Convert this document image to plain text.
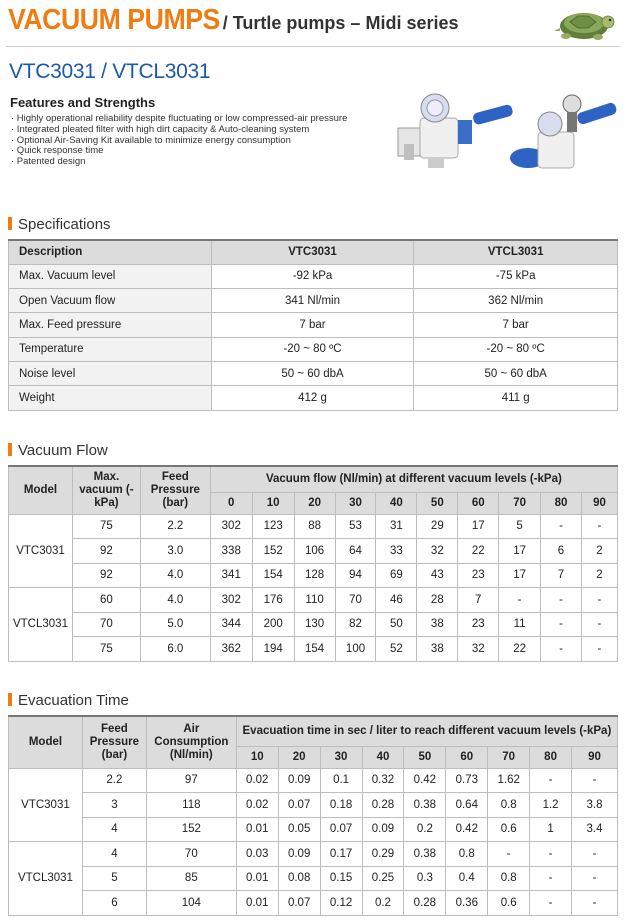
VACUUM PUMPS / Turtle pumps – Midi series
VTC3031 / VTCL3031
Features and Strengths
· Highly operational reliability despite fluctuating or low compressed-air pressure
· Integrated pleated filter with high dirt capacity & Auto-cleaning system
· Optional Air-Saving Kit available to minimize energy consumption
· Quick response time
· Patented design
Specifications
Description	VTC3031	VTCL3031
Max. Vacuum level	-92 kPa	-75 kPa
Open Vacuum flow	341 Nl/min	362 Nl/min
Max. Feed pressure	7 bar	7 bar
Temperature	-20 ~ 80 ºC	-20 ~ 80 ºC
Noise level	50 ~ 60 dbA	50 ~ 60 dbA
Weight	412 g	411 g
Vacuum Flow
Model	Max. vacuum (-kPa)	Feed Pressure (bar)	Vacuum flow (Nl/min) at different vacuum levels (-kPa)									
			0	10	20	30	40	50	60	70	80	90
VTC3031	75	2.2	302	123	88	53	31	29	17	5	-	-
	92	3.0	338	152	106	64	33	32	22	17	6	2
	92	4.0	341	154	128	94	69	43	23	17	7	2
VTCL3031	60	4.0	302	176	110	70	46	28	7	-	-	-
	70	5.0	344	200	130	82	50	38	23	11	-	-
	75	6.0	362	194	154	100	52	38	32	22	-	-
Evacuation Time
Model	Feed Pressure (bar)	Air Consumption (Nl/min)	Evacuation time in sec / liter to reach different vacuum levels (-kPa)								
			10	20	30	40	50	60	70	80	90
VTC3031	2.2	97	0.02	0.09	0.1	0.32	0.42	0.73	1.62	-	-
	3	118	0.02	0.07	0.18	0.28	0.38	0.64	0.8	1.2	3.8
	4	152	0.01	0.05	0.07	0.09	0.2	0.42	0.6	1	3.4
VTCL3031	4	70	0.03	0.09	0.17	0.29	0.38	0.8	-	-	-
	5	85	0.01	0.08	0.15	0.25	0.3	0.4	0.8	-	-
	6	104	0.01	0.07	0.12	0.2	0.28	0.36	0.6	-	-
